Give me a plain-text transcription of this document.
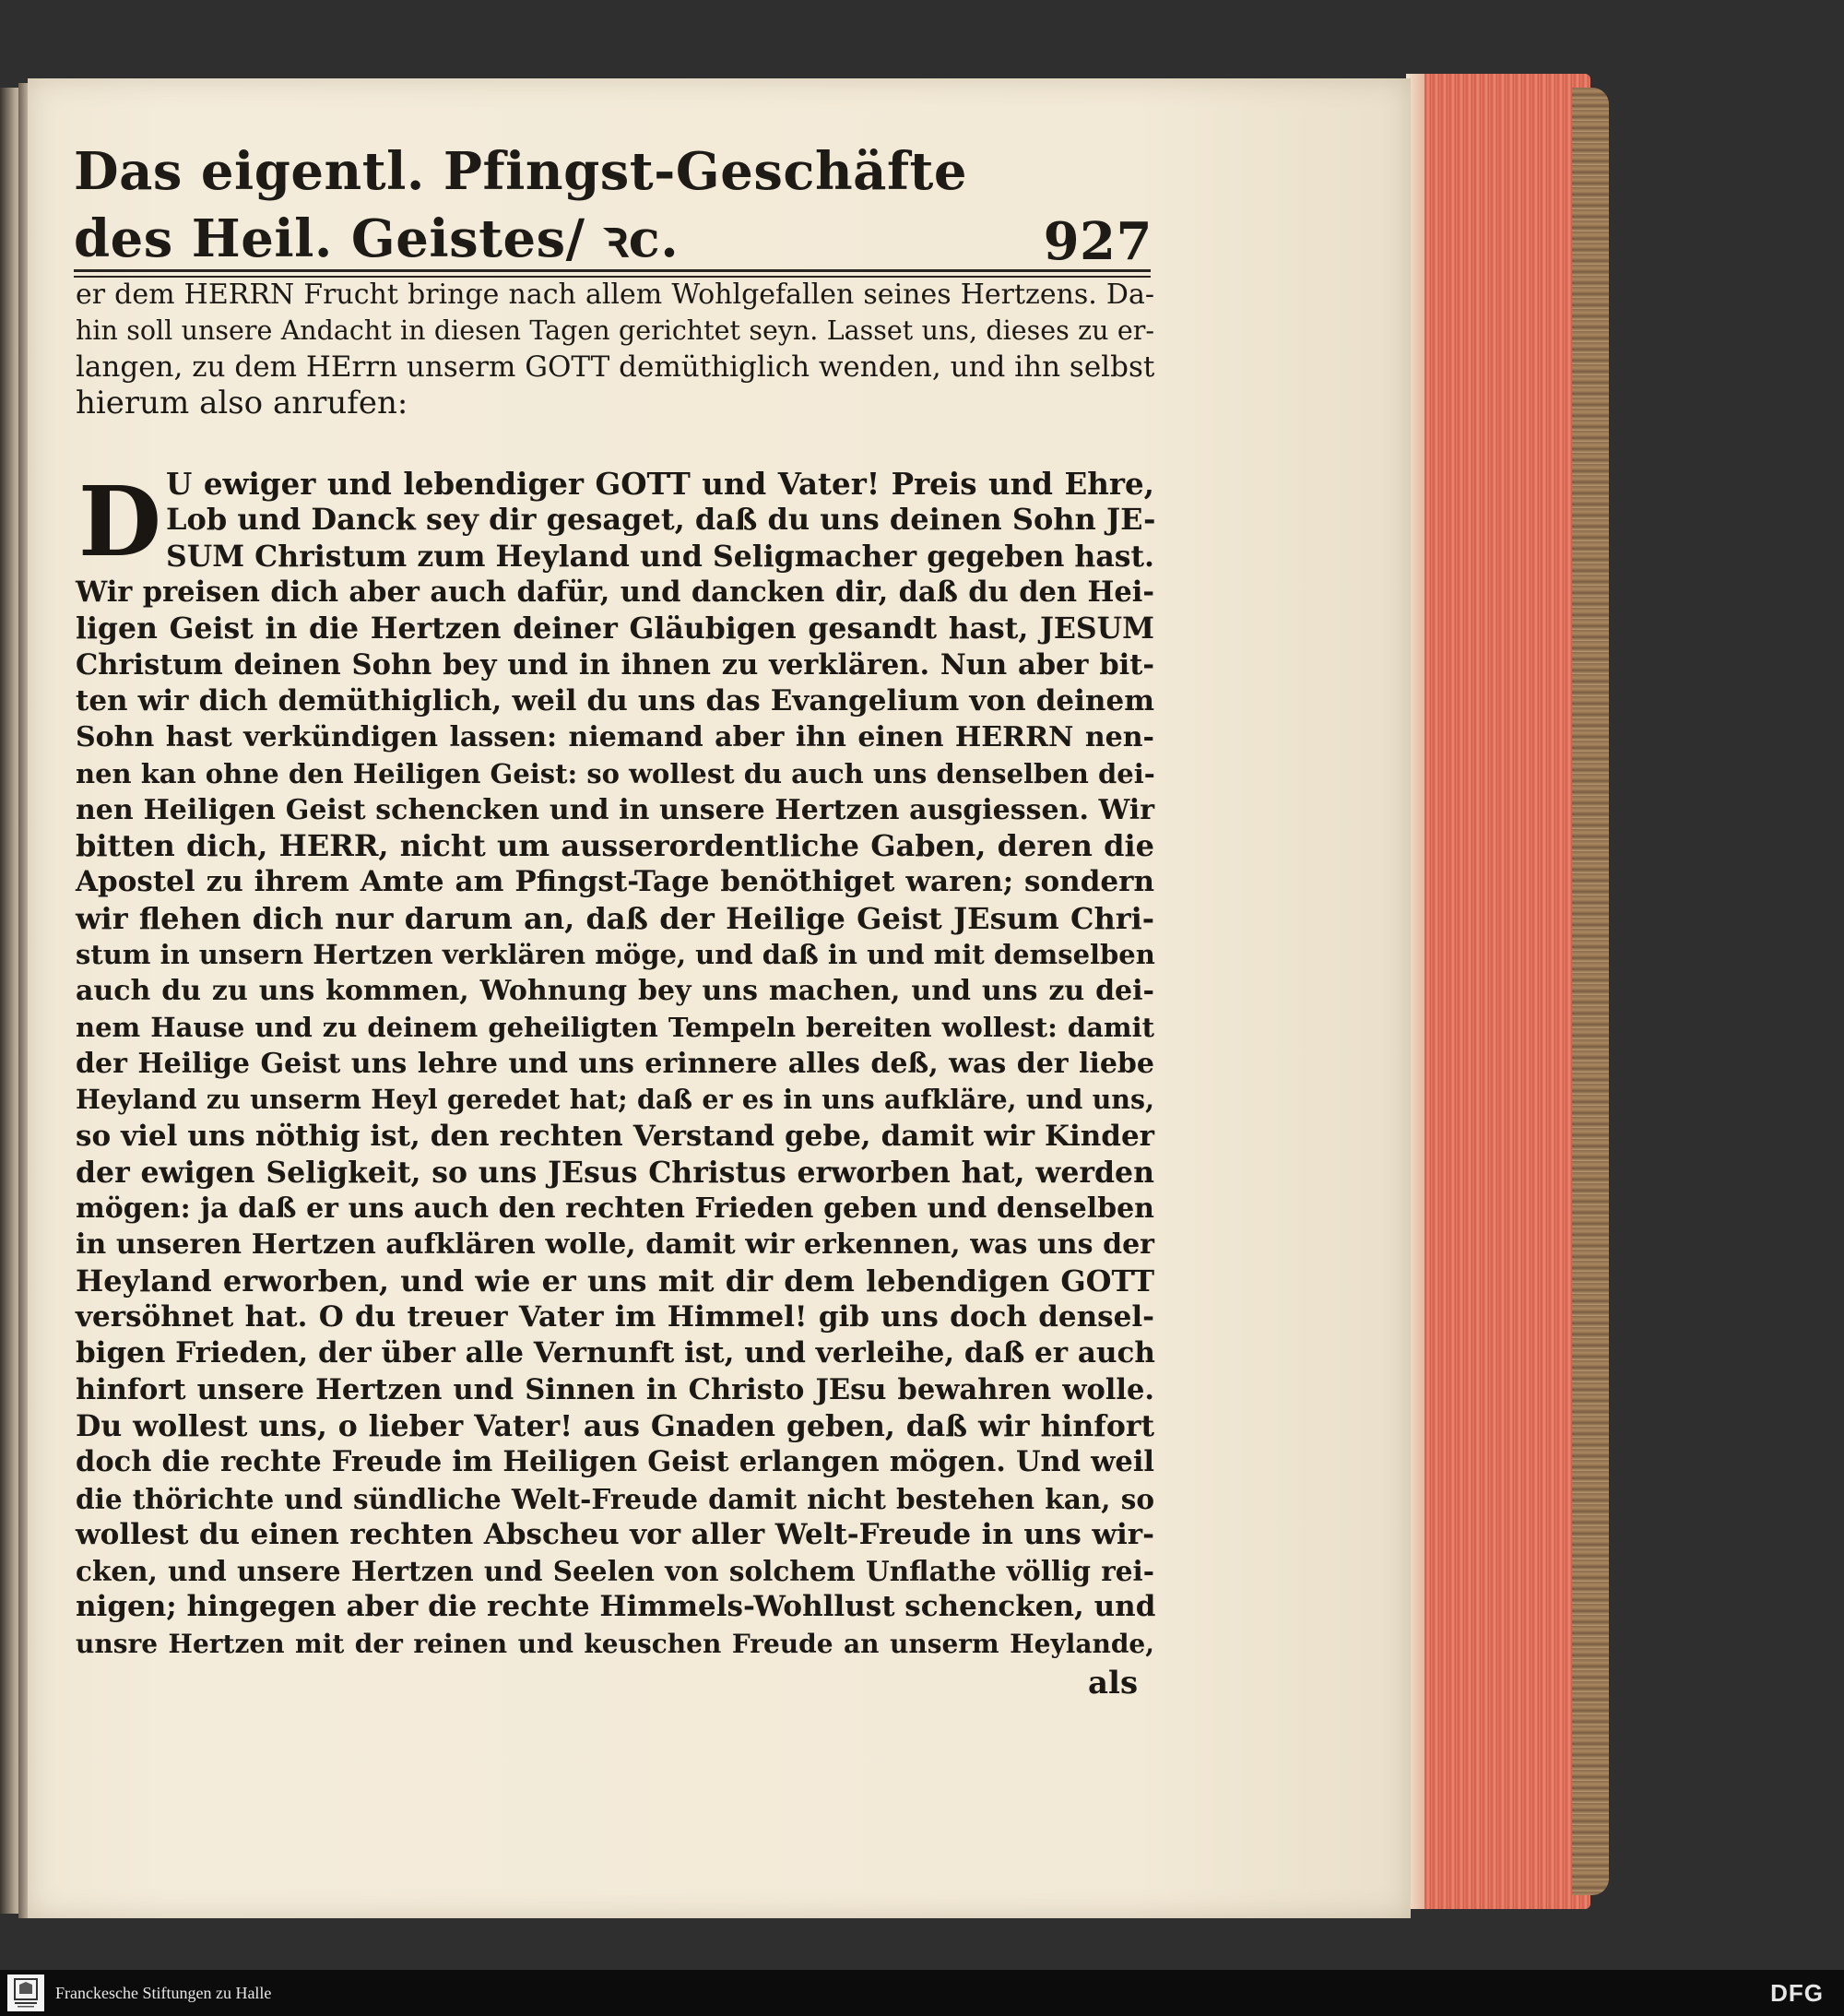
Das eigentl. Pfingst-Geschäfte des Heil. Geistes/ ꝛc.	927
er dem HERRN Frucht bringe nach allem Wohlgefallen seines Hertzens. Da-
hin soll unsere Andacht in diesen Tagen gerichtet seyn. Lasset uns, dieses zu er-
langen, zu dem HErrn unserm GOTT demüthiglich wenden, und ihn selbst
hierum also anrufen:
D U ewiger und lebendiger GOTT und Vater! Preis und Ehre,
Lob und Danck sey dir gesaget, daß du uns deinen Sohn JE-
SUM Christum zum Heyland und Seligmacher gegeben hast.
Wir preisen dich aber auch dafür, und dancken dir, daß du den Hei-
ligen Geist in die Hertzen deiner Gläubigen gesandt hast, JESUM
Christum deinen Sohn bey und in ihnen zu verklären. Nun aber bit-
ten wir dich demüthiglich, weil du uns das Evangelium von deinem
Sohn hast verkündigen lassen: niemand aber ihn einen HERRN nen-
nen kan ohne den Heiligen Geist: so wollest du auch uns denselben dei-
nen Heiligen Geist schencken und in unsere Hertzen ausgiessen. Wir
bitten dich, HERR, nicht um ausserordentliche Gaben, deren die
Apostel zu ihrem Amte am Pfingst-Tage benöthiget waren; sondern
wir flehen dich nur darum an, daß der Heilige Geist JEsum Chri-
stum in unsern Hertzen verklären möge, und daß in und mit demselben
auch du zu uns kommen, Wohnung bey uns machen, und uns zu dei-
nem Hause und zu deinem geheiligten Tempeln bereiten wollest: damit
der Heilige Geist uns lehre und uns erinnere alles deß, was der liebe
Heyland zu unserm Heyl geredet hat; daß er es in uns aufkläre, und uns,
so viel uns nöthig ist, den rechten Verstand gebe, damit wir Kinder
der ewigen Seligkeit, so uns JEsus Christus erworben hat, werden
mögen: ja daß er uns auch den rechten Frieden geben und denselben
in unseren Hertzen aufklären wolle, damit wir erkennen, was uns der
Heyland erworben, und wie er uns mit dir dem lebendigen GOTT
versöhnet hat. O du treuer Vater im Himmel! gib uns doch densel-
bigen Frieden, der über alle Vernunft ist, und verleihe, daß er auch
hinfort unsere Hertzen und Sinnen in Christo JEsu bewahren wolle.
Du wollest uns, o lieber Vater! aus Gnaden geben, daß wir hinfort
doch die rechte Freude im Heiligen Geist erlangen mögen. Und weil
die thörichte und sündliche Welt-Freude damit nicht bestehen kan, so
wollest du einen rechten Abscheu vor aller Welt-Freude in uns wir-
cken, und unsere Hertzen und Seelen von solchem Unflathe völlig rei-
nigen; hingegen aber die rechte Himmels-Wohllust schencken, und
unsre Hertzen mit der reinen und keuschen Freude an unserm Heylande,
als
Franckesche Stiftungen zu Halle	DFG
